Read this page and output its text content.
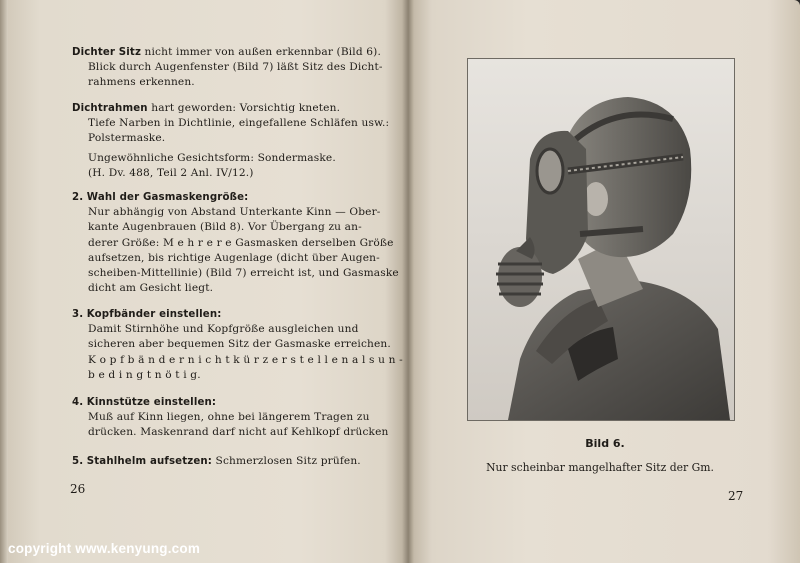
Dichter Sitz nicht immer von außen erkennbar (Bild 6).
Blick durch Augenfenster (Bild 7) läßt Sitz des Dicht-
rahmens erkennen.
Dichtrahmen hart geworden: Vorsichtig kneten.
Tiefe Narben in Dichtlinie, eingefallene Schläfen usw.:
Polstermaske.
Ungewöhnliche Gesichtsform: Sondermaske.
(H. Dv. 488, Teil 2 Anl. IV/12.)
2. Wahl der Gasmaskengröße:
Nur abhängig von Abstand Unterkante Kinn — Ober-
kante Augenbrauen (Bild 8). Vor Übergang zu an-
derer Größe: M e h r e r e Gasmasken derselben Größe
aufsetzen, bis richtige Augenlage (dicht über Augen-
scheiben-Mittellinie) (Bild 7) erreicht ist, und Gasmaske
dicht am Gesicht liegt.
3. Kopfbänder einstellen:
Damit Stirnhöhe und Kopfgröße ausgleichen und
sicheren aber bequemen Sitz der Gasmaske erreichen.
K o p f b ä n d e r n i c h t k ü r z e r s t e l l e n a l s u n -
b e d i n g t n ö t i g.
4. Kinnstütze einstellen:
Muß auf Kinn liegen, ohne bei längerem Tragen zu
drücken. Maskenrand darf nicht auf Kehlkopf drücken
5. Stahlhelm aufsetzen: Schmerzlosen Sitz prüfen.
26
Bild 6.
Nur scheinbar mangelhafter Sitz der Gm.
27
copyright www.kenyung.com
